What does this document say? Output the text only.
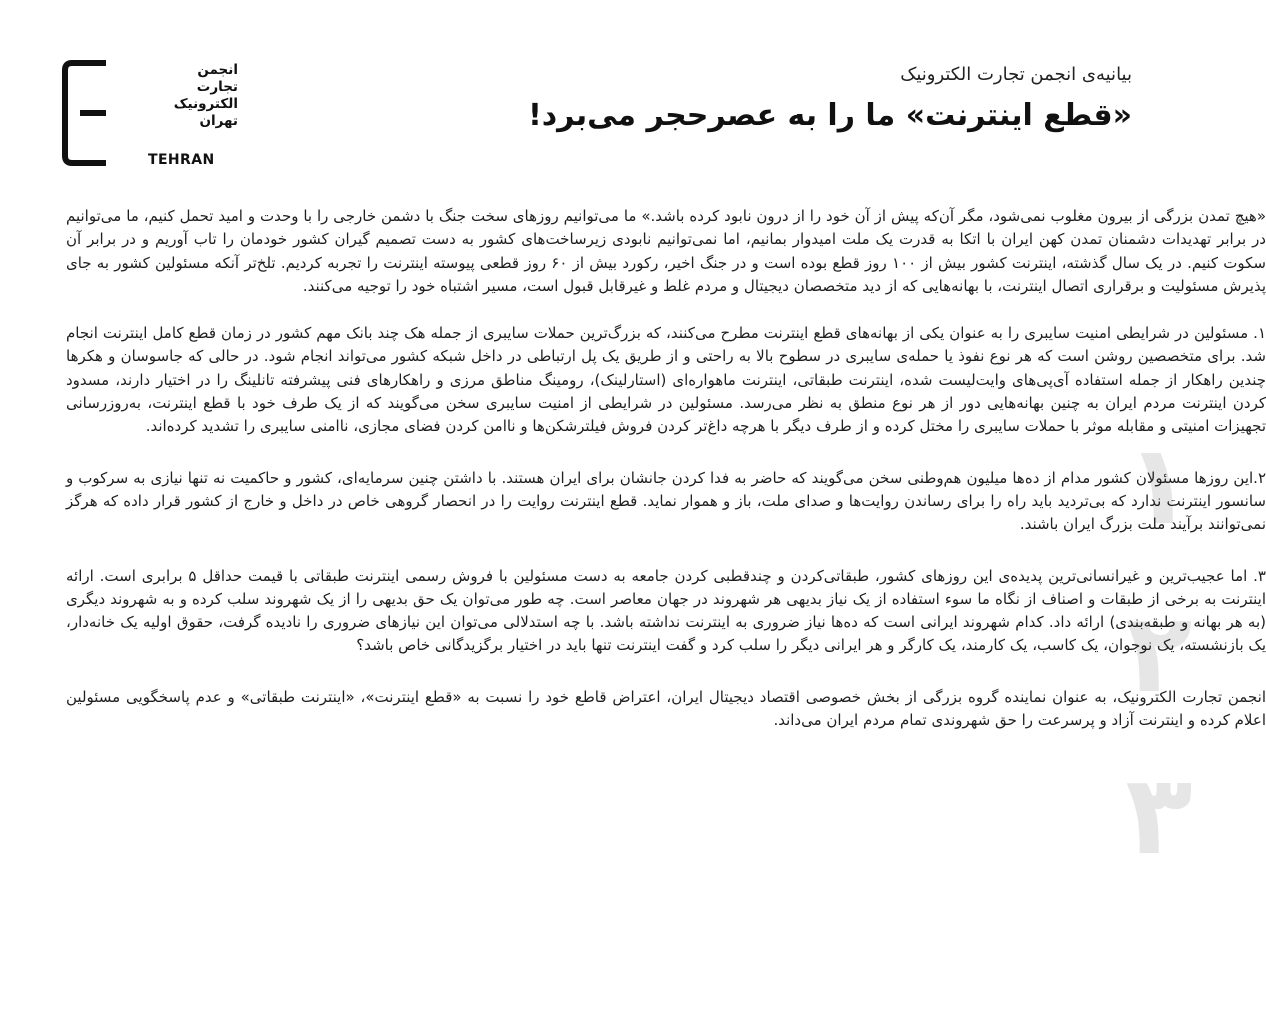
انجمن
تجارت
الکترونیک
تهران
TEHRAN
بیانیه‌ی انجمن تجارت الکترونیک
«قطع اینترنت» ما را به عصرحجر می‌برد!
۱
۲
۳

«هیچ تمدن بزرگی از بیرون مغلوب نمی‌شود، مگر آن‌که پیش از آن خود را از درون نابود کرده باشد.» ما می‌توانیم روزهای سخت جنگ با دشمن خارجی را با وحدت و امید تحمل کنیم، ما می‌توانیم در برابر تهدیدات دشمنان تمدن کهن ایران با اتکا به قدرت یک ملت امیدوار بمانیم، اما نمی‌توانیم نابودی زیرساخت‌های کشور به دست تصمیم گیران کشور خودمان را تاب آوریم و در برابر آن سکوت کنیم. در یک سال گذشته، اینترنت کشور بیش از ۱۰۰ روز قطع بوده است و در جنگ اخیر، رکورد بیش از ۶۰ روز قطعی پیوسته اینترنت را تجربه کردیم. تلخ‌تر آنکه مسئولین کشور به جای پذیرش مسئولیت و برقراری اتصال اینترنت، با بهانه‌هایی که از دید متخصصان دیجیتال و مردم غلط و غیرقابل قبول است، مسیر اشتباه خود را توجیه می‌کنند.

۱. مسئولین در شرایطی امنیت سایبری را به عنوان یکی از بهانه‌های قطع اینترنت مطرح می‌کنند، که بزرگ‌ترین حملات سایبری از جمله هک چند بانک مهم کشور در زمان قطع کامل اینترنت انجام شد. برای متخصصین روشن است که هر نوع نفوذ یا حمله‌ی سایبری در سطوح بالا به راحتی و از طریق یک پل ارتباطی در داخل شبکه کشور می‌تواند انجام شود. در حالی که جاسوسان و هکرها چندین راهکار از جمله استفاده آی‌پی‌های وایت‌لیست شده، اینترنت طبقاتی، اینترنت ماهواره‌ای (استارلینک)، رومینگ مناطق مرزی و راهکارهای فنی پیشرفته تانلینگ را در اختیار دارند، مسدود کردن اینترنت مردم ایران به چنین بهانه‌هایی دور از هر نوع منطق به نظر می‌رسد. مسئولین در شرایطی از امنیت سایبری سخن می‌گویند که از یک طرف خود با قطع اینترنت، به‌روزرسانی تجهیزات امنیتی و مقابله موثر با حملات سایبری را مختل کرده و از طرف دیگر با هرچه داغ‌تر کردن فروش فیلترشکن‌ها و ناامن کردن فضای مجازی، ناامنی سایبری را تشدید کرده‌اند.

۲.این روزها مسئولان کشور مدام از ده‌ها میلیون هم‌وطنی سخن می‌گویند که حاضر به فدا کردن جانشان برای ایران هستند. با داشتن چنین سرمایه‌ای، کشور و حاکمیت نه تنها نیازی به سرکوب و سانسور اینترنت ندارد که بی‌تردید باید راه را برای رساندن روایت‌ها و صدای ملت، باز و هموار نماید. قطع اینترنت روایت را در انحصار گروهی خاص در داخل و خارج از کشور قرار داده که هرگز نمی‌توانند برآیند ملت بزرگ ایران باشند.

۳. اما عجیب‌ترین و غیرانسانی‌ترین پدیده‌ی این روزهای کشور، طبقاتی‌کردن و چندقطبی کردن جامعه به دست مسئولین با فروش رسمی اینترنت طبقاتی با قیمت حداقل ۵ برابری است. ارائه اینترنت به برخی از طبقات و اصناف از نگاه ما سوء استفاده از یک نیاز بدیهی هر شهروند در جهان معاصر است. چه طور می‌توان یک حق بدیهی را از یک شهروند سلب کرده و به شهروند دیگری (به هر بهانه و طبقه‌بندی) ارائه داد. کدام شهروند ایرانی است که ده‌ها نیاز ضروری به اینترنت نداشته باشد. با چه استدلالی می‌توان این نیازهای ضروری را نادیده گرفت، حقوق اولیه یک خانه‌دار، یک بازنشسته، یک نوجوان، یک کاسب، یک کارمند، یک کارگر و هر ایرانی دیگر را سلب کرد و گفت اینترنت تنها باید در اختیار برگزیدگانی خاص باشد؟

انجمن تجارت الکترونیک، به عنوان نماینده گروه بزرگی از بخش خصوصی اقتصاد دیجیتال ایران، اعتراض قاطع خود را نسبت به «قطع اینترنت»، «اینترنت طبقاتی» و عدم پاسخگویی مسئولین اعلام کرده و اینترنت آزاد و پرسرعت را حق شهروندی تمام مردم ایران می‌داند.
